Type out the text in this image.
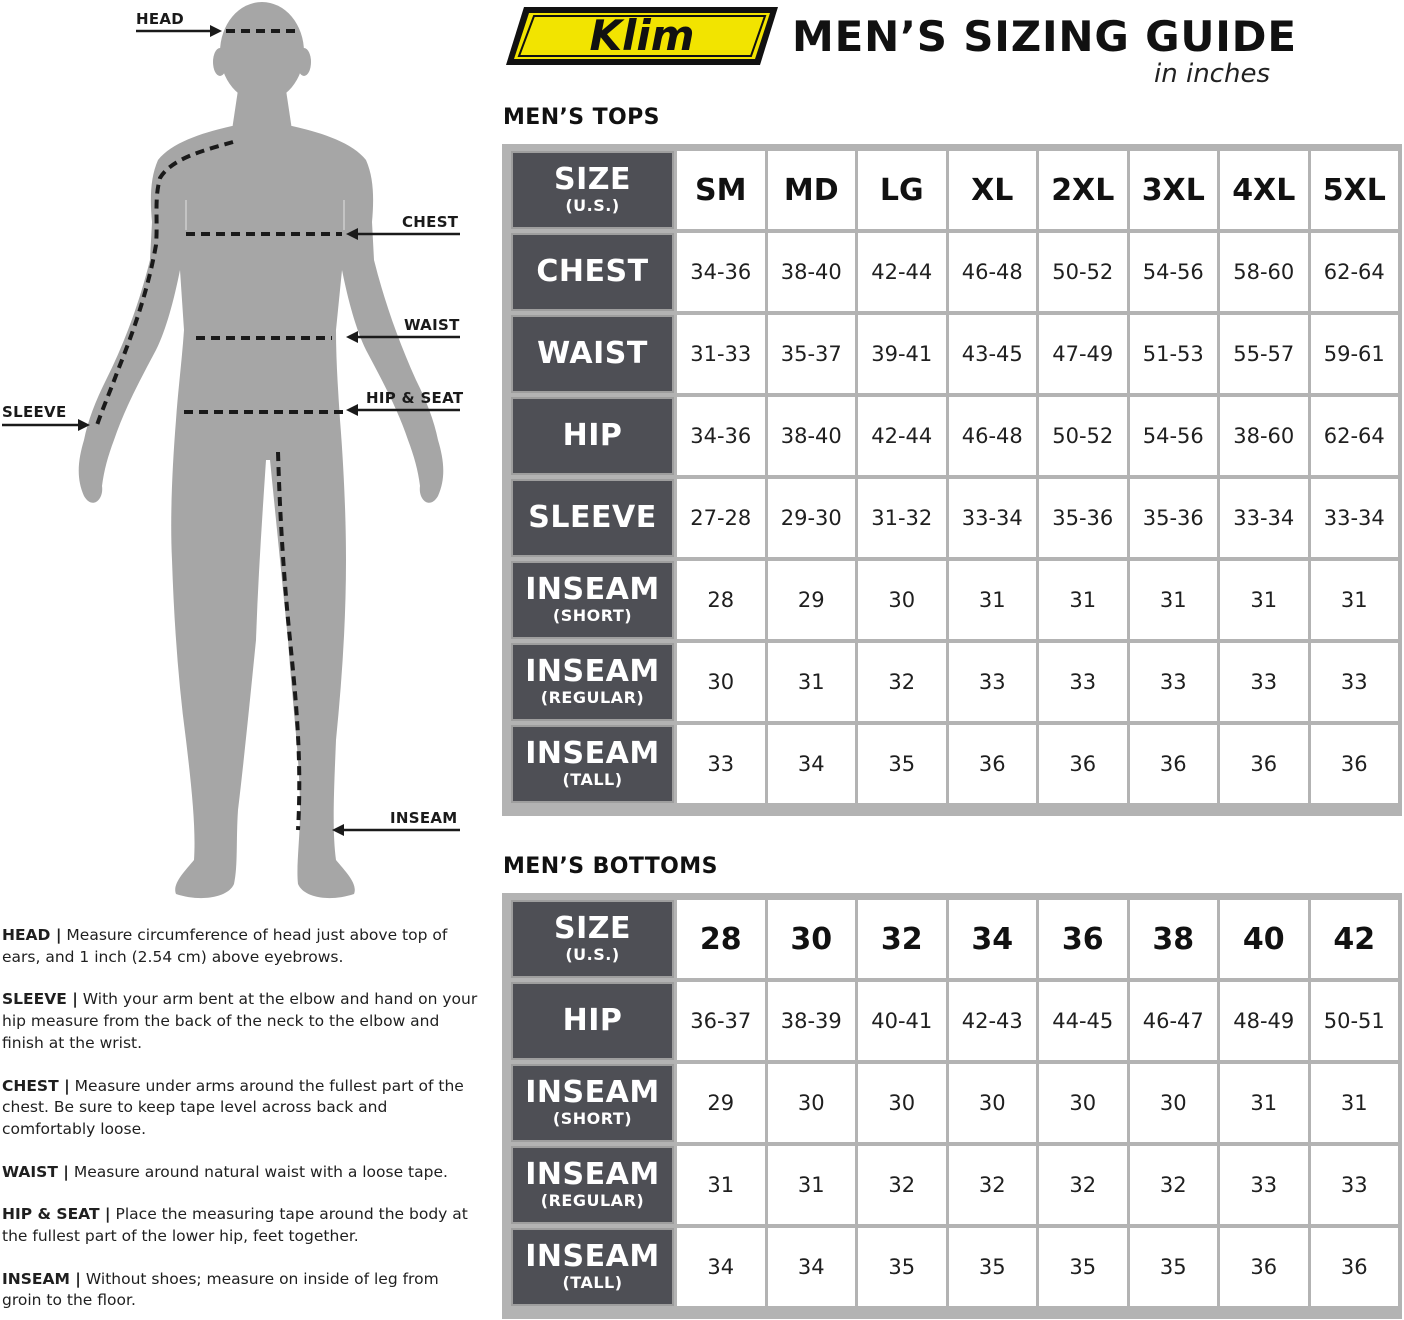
HEAD
CHEST
WAIST
HIP & SEAT
SLEEVE
INSEAM

HEAD | Measure circumference of head just above top of ears, and 1 inch (2.54 cm) above eyebrows.

SLEEVE | With your arm bent at the elbow and hand on your hip measure from the back of the neck to the elbow and finish at the wrist.

CHEST | Measure under arms around the fullest part of the chest. Be sure to keep tape level across back and comfortably loose.

WAIST | Measure around natural waist with a loose tape.

HIP & SEAT | Place the measuring tape around the body at the fullest part of the lower hip, feet together.

INSEAM | Without shoes; measure on inside of leg from groin to the floor.

Klim MEN’S SIZING GUIDE
in inches
MEN’S TOPS
SIZE
(U.S.)	SM	MD	LG	XL	2XL 3XL 4XL 5XL
CHEST	34-36	38-40	42-44	46-48	50-52	54-56	58-60	62-64
WAIST	31-33	35-37	39-41	43-45	47-49	51-53	55-57	59-61
HIP	34-36	38-40	42-44	46-48	50-52	54-56	38-60	62-64
SLEEVE	27-28	29-30	31-32	33-34	35-36	35-36	33-34	33-34
INSEAM
(SHORT)
28	29	30	31	31	31	31	31
INSEAM
(REGULAR)
30	31	32	33	33	33	33	33
INSEAM
(TALL)
33	34	35	36	36	36	36	36
MEN’S BOTTOMS
SIZE
(U.S.)	28	30	32	34	36	38	40	42
HIP	36-37	38-39	40-41	42-43	44-45	46-47	48-49	50-51
INSEAM
(SHORT)
29	30	30	30	30	30	31	31
INSEAM
(REGULAR)
31	31	32	32	32	32	33	33
INSEAM
(TALL)
34	34	35	35	35	35	36	36
